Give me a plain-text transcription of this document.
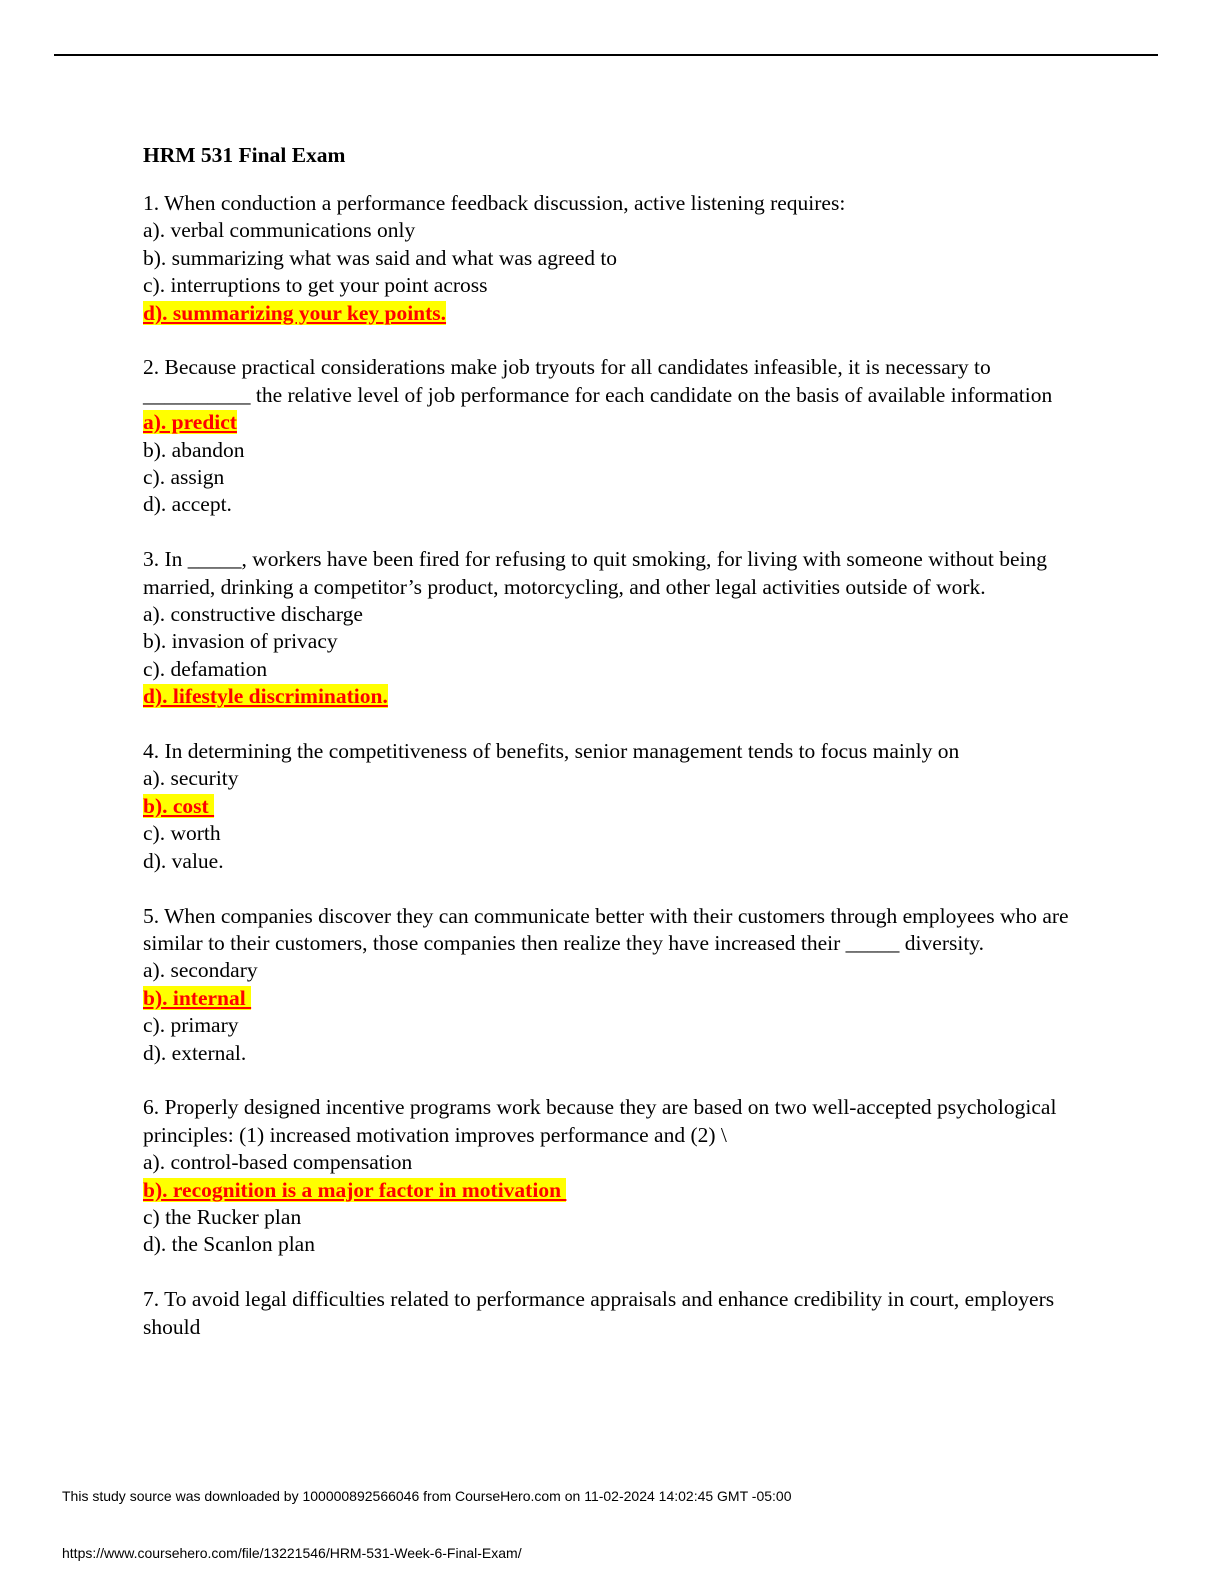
HRM 531 Final Exam
1. When conduction a performance feedback discussion, active listening requires:
a). verbal communications only
b). summarizing what was said and what was agreed to
c). interruptions to get your point across
d). summarizing your key points.
2. Because practical considerations make job tryouts for all candidates infeasible, it is necessary to __________ the relative level of job performance for each candidate on the basis of available information
a). predict
b). abandon
c). assign
d). accept.
3. In _____, workers have been fired for refusing to quit smoking, for living with someone without being married, drinking a competitor’s product, motorcycling, and other legal activities outside of work.
a). constructive discharge
b). invasion of privacy
c). defamation
d). lifestyle discrimination.
4. In determining the competitiveness of benefits, senior management tends to focus mainly on
a). security
b). cost
c). worth
d). value.
5. When companies discover they can communicate better with their customers through employees who are similar to their customers, those companies then realize they have increased their _____ diversity.
a). secondary
b). internal
c). primary
d). external.
6. Properly designed incentive programs work because they are based on two well-accepted psychological principles: (1) increased motivation improves performance and (2) \
a). control-based compensation
b). recognition is a major factor in motivation
c) the Rucker plan
d). the Scanlon plan
7. To avoid legal difficulties related to performance appraisals and enhance credibility in court, employers should
This study source was downloaded by 100000892566046 from CourseHero.com on 11-02-2024 14:02:45 GMT -05:00
https://www.coursehero.com/file/13221546/HRM-531-Week-6-Final-Exam/
